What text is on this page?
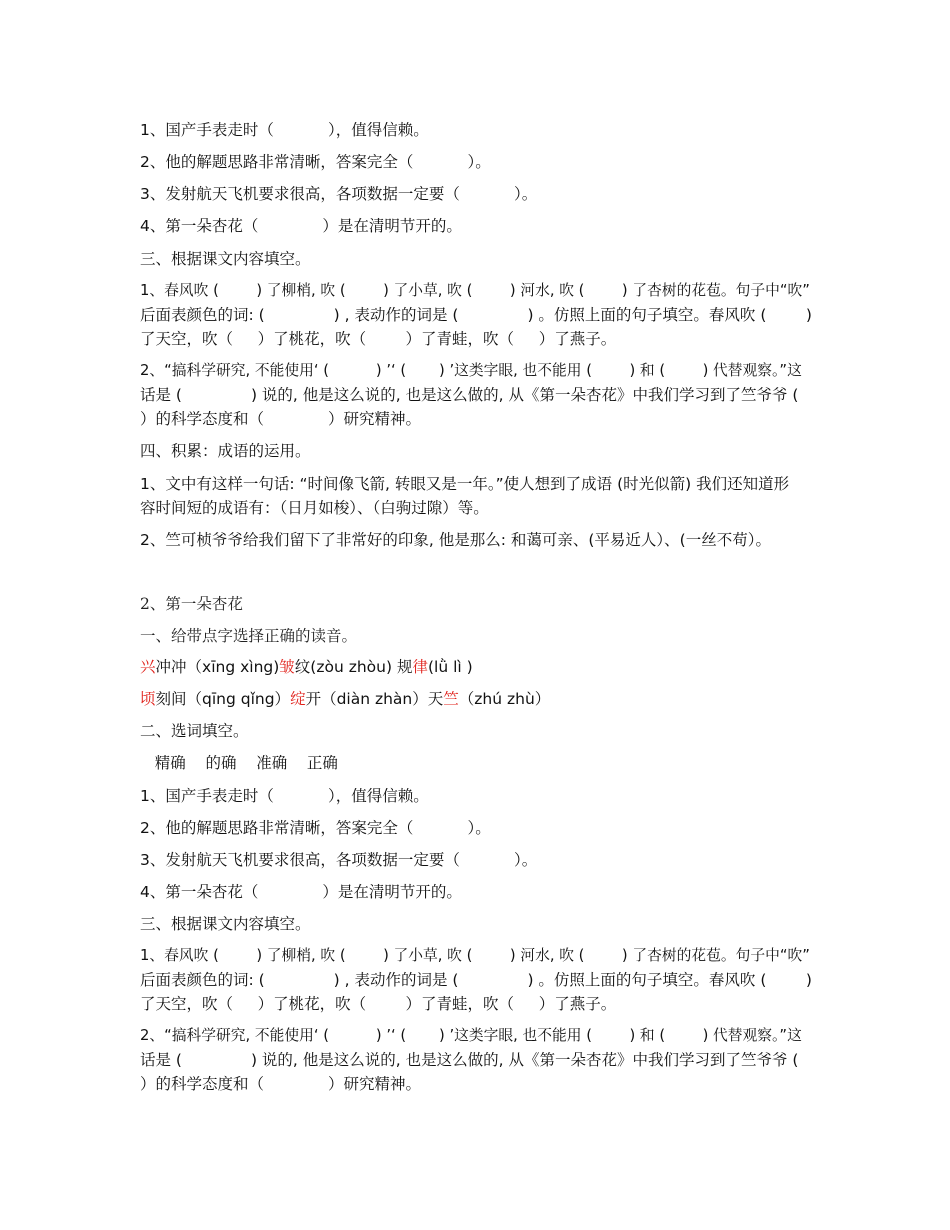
1、国产手表走时（           ），值得信赖。

2、他的解题思路非常清晰，答案完全（           ）。

3、发射航天飞机要求很高，各项数据一定要（           ）。

4、第一朵杏花（             ）是在清明节开的。

三、根据课文内容填空。

1、春风吹 (        ) 了柳梢, 吹 (        ) 了小草, 吹 (        ) 河水, 吹 (        ) 了杏树的花苞。句子中“吹”

后面表颜色的词: (              ) , 表动作的词是 (              ) 。仿照上面的句子填空。春风吹 (        )

了天空，吹（     ）了桃花，吹（        ）了青蛙，吹（     ）了燕子。

2、“搞科学研究, 不能使用‘ (          ) ’‘ (       ) ’这类字眼, 也不能用 (        ) 和 (        ) 代替观察。”这

话是 (              ) 说的, 他是这么说的, 也是这么做的, 从《第一朵杏花》中我们学习到了竺爷爷 (

）的科学态度和（             ）研究精神。

四、积累：成语的运用。

1、文中有这样一句话: “时间像飞箭, 转眼又是一年。”使人想到了成语 (时光似箭) 我们还知道形

容时间短的成语有：（日月如梭）、（白驹过隙）等。

2、竺可桢爷爷给我们留下了非常好的印象, 他是那么: 和蔼可亲、(平易近人）、(一丝不苟）。

2、第一朵杏花

一、给带点字选择正确的读音。

兴冲冲（xīng xìng)皱纹(zòu zhòu) 规律(lǜ lì )

顷刻间（qīng qǐng）绽开（diàn zhàn）天竺（zhú zhù）

二、选词填空。

精确    的确    准确    正确

1、国产手表走时（           ），值得信赖。

2、他的解题思路非常清晰，答案完全（           ）。

3、发射航天飞机要求很高，各项数据一定要（           ）。

4、第一朵杏花（             ）是在清明节开的。

三、根据课文内容填空。

1、春风吹 (        ) 了柳梢, 吹 (        ) 了小草, 吹 (        ) 河水, 吹 (        ) 了杏树的花苞。句子中“吹”

后面表颜色的词: (              ) , 表动作的词是 (              ) 。仿照上面的句子填空。春风吹 (        )

了天空，吹（     ）了桃花，吹（        ）了青蛙，吹（     ）了燕子。

2、“搞科学研究, 不能使用‘ (          ) ’‘ (       ) ’这类字眼, 也不能用 (        ) 和 (        ) 代替观察。”这

话是 (              ) 说的, 他是这么说的, 也是这么做的, 从《第一朵杏花》中我们学习到了竺爷爷 (

）的科学态度和（             ）研究精神。
